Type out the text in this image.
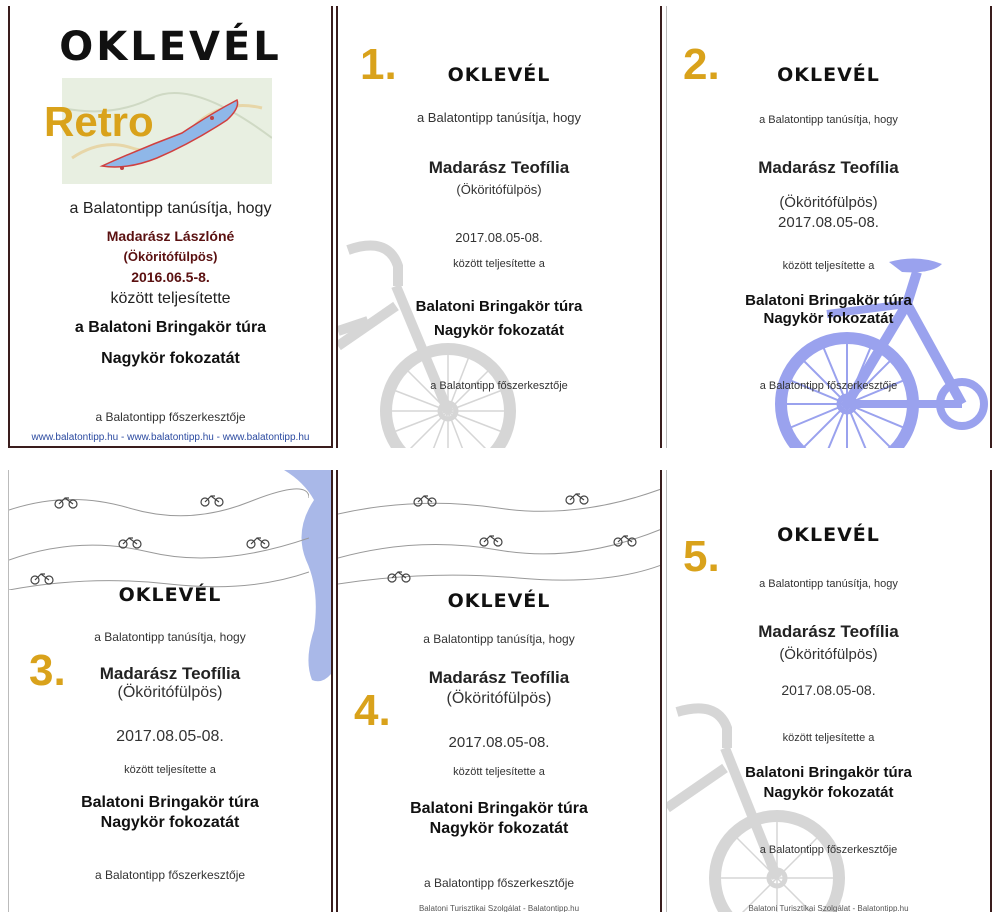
OKLEVÉL
Retro
a Balatontipp tanúsítja, hogy
Madarász Lászlóné
(Ököritófülpös)
2016.06.5-8.
között teljesítette
a Balatoni Bringakör túra
Nagykör fokozatát
a Balatontipp főszerkesztője
www.balatontipp.hu - www.balatontipp.hu - www.balatontipp.hu
1.	OKLEVÉL
a Balatontipp tanúsítja, hogy
Madarász Teofília
(Ököritófülpös)
2017.08.05-08.
között teljesítette a
Balatoni Bringakör túra
Nagykör fokozatát
a Balatontipp főszerkesztője
2.	OKLEVÉL
a Balatontipp tanúsítja, hogy
Madarász Teofília
(Ököritófülpös)
2017.08.05-08.
között teljesítette a
Balatoni Bringakör túra
Nagykör fokozatát
a Balatontipp főszerkesztője
OKLEVÉL
a Balatontipp tanúsítja, hogy
3.	Madarász Teofília
(Ököritófülpös)
2017.08.05-08.
között teljesítette a
Balatoni Bringakör túra
Nagykör fokozatát
a Balatontipp főszerkesztője
OKLEVÉL
a Balatontipp tanúsítja, hogy
Madarász Teofília
(Ököritófülpös)
4.
2017.08.05-08.
között teljesítette a
Balatoni Bringakör túra
Nagykör fokozatát
a Balatontipp főszerkesztője
Balatoni Turisztikai Szolgálat - Balatontipp.hu
OKLEVÉL
5.
a Balatontipp tanúsítja, hogy
Madarász Teofília
(Ököritófülpös)
2017.08.05-08.
között teljesítette a
Balatoni Bringakör túra
Nagykör fokozatát
a Balatontipp főszerkesztője
Balatoni Turisztikai Szolgálat - Balatontipp.hu
